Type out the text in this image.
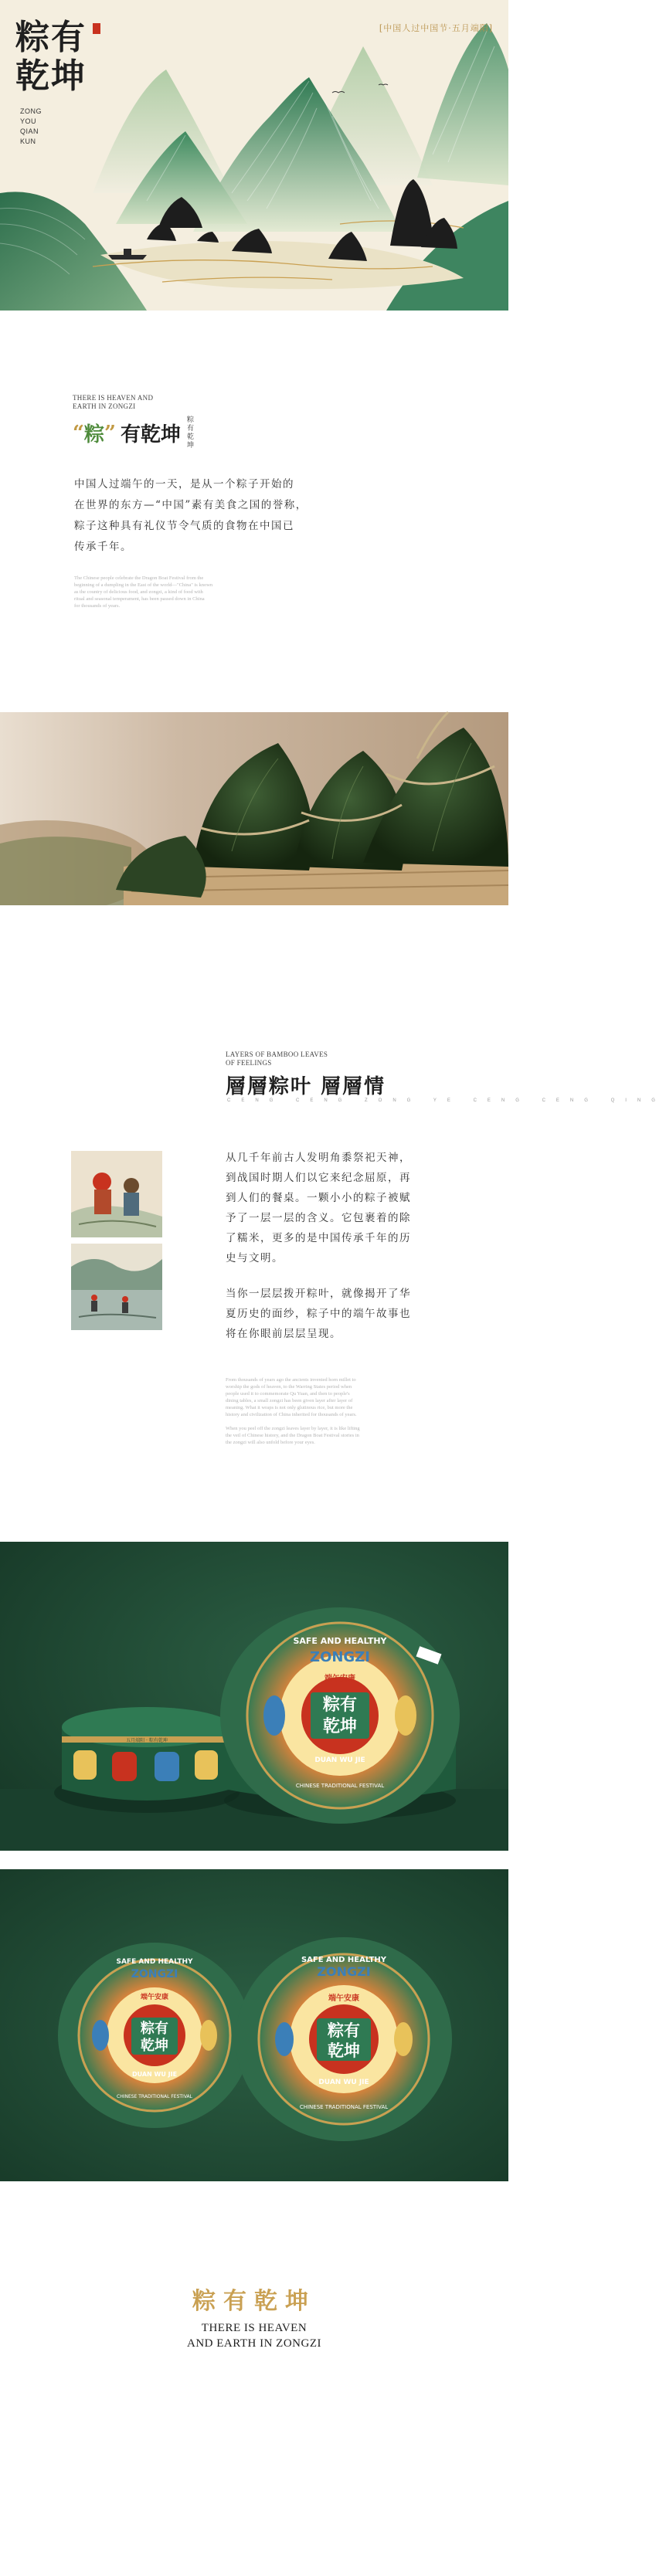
粽有
乾坤
ZONG
YOU
QIAN
KUN
[中国人过中国节·五月端阳]
THERE IS HEAVEN AND
EARTH IN ZONGZI
“ 粽 ” 有乾坤
粽有乾坤
中国人过端午的一天，是从一个粽子开始的
在世界的东方—“中国”素有美食之国的誉称，
粽子这种具有礼仪节令气质的食物在中国已
传承千年。
The Chinese people celebrate the Dragon Boat Festival from the
beginning of a dumpling in the East of the world—"China" is known
as the country of delicious food, and zongzi, a kind of food with
ritual and seasonal temperament, has been passed down in China
for thousands of years.
LAYERS OF BAMBOO LEAVES
OF FEELINGS
層層粽叶 層層情
CENG CENG ZONG YE CENG CENG QING
从几千年前古人发明角黍祭祀天神，
到战国时期人们以它来纪念屈原，再
到人们的餐桌。一颗小小的粽子被赋
予了一层一层的含义。它包裹着的除
了糯米，更多的是中国传承千年的历
史与文明。
当你一层层拨开粽叶，就像揭开了华
夏历史的面纱，粽子中的端午故事也
将在你眼前层层呈现。
From thousands of years ago the ancients invented horn millet to
worship the gods of heaven, to the Warring States period when
people used it to commemorate Qu Yuan, and then to people's
dining tables, a small zongzi has been given layer after layer of
meaning. What it wraps is not only glutinous rice, but more the
history and civilization of China inherited for thousands of years.

When you peel off the zongzi leaves layer by layer, it is like lifting
the veil of Chinese history, and the Dragon Boat Festival stories in
the zongzi will also unfold before your eyes.
五月端阳 · 粽有乾坤
粽有
乾坤
SAFE AND HEALTHY
ZONGZI
端午安康
DUAN WU JIE
CHINESE TRADITIONAL FESTIVAL
粽有
乾坤
ZONGZI
SAFE AND HEALTHY
端午安康
DUAN WU JIE
CHINESE TRADITIONAL FESTIVAL
粽有
乾坤
ZONGZI
SAFE AND HEALTHY
端午安康
DUAN WU JIE
CHINESE TRADITIONAL FESTIVAL
粽有乾坤
THERE IS HEAVEN
AND EARTH IN ZONGZI
